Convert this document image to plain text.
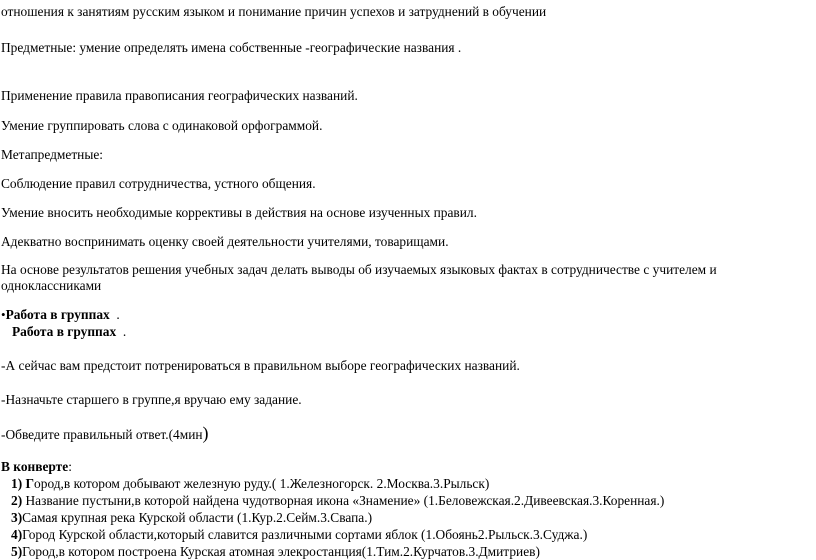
отношения к занятиям русским языком и понимание причин успехов и затруднений в обучении
Предметные: умение определять имена собственные -географические названия .
Применение правила правописания географических названий.
Умение группировать слова с одинаковой орфограммой.
Метапредметные:
Соблюдение правил сотрудничества, устного общения.
Умение вносить необходимые коррективы в действия на основе изученных правил.
Адекватно воспринимать оценку своей деятельности учителями, товарищами.
На основе результатов решения учебных задач делать выводы об изучаемых языковых фактах в сотрудничестве с учителем и одноклассниками
•Работа в группах .
Работа в группах .
-А сейчас вам предстоит потренироваться в правильном выборе географических названий.
-Назначьте старшего в группе,я вручаю ему задание.
-Обведите правильный ответ.(4мин)
В конверте:
1) Город,в котором добывают железную руду.( 1.Железногорск. 2.Москва.3.Рыльск)
2) Название пустыни,в которой найдена чудотворная икона «Знамение» (1.Беловежская.2.Дивеевская.3.Коренная.)
3)Самая крупная река Курской области (1.Кур.2.Сейм.3.Свапа.)
4)Город Курской области,который славится различными сортами яблок (1.Обоянь2.Рыльск.3.Суджа.)
5)Город,в котором построена Курская атомная элекростанция(1.Тим.2.Курчатов.3.Дмитриев)
